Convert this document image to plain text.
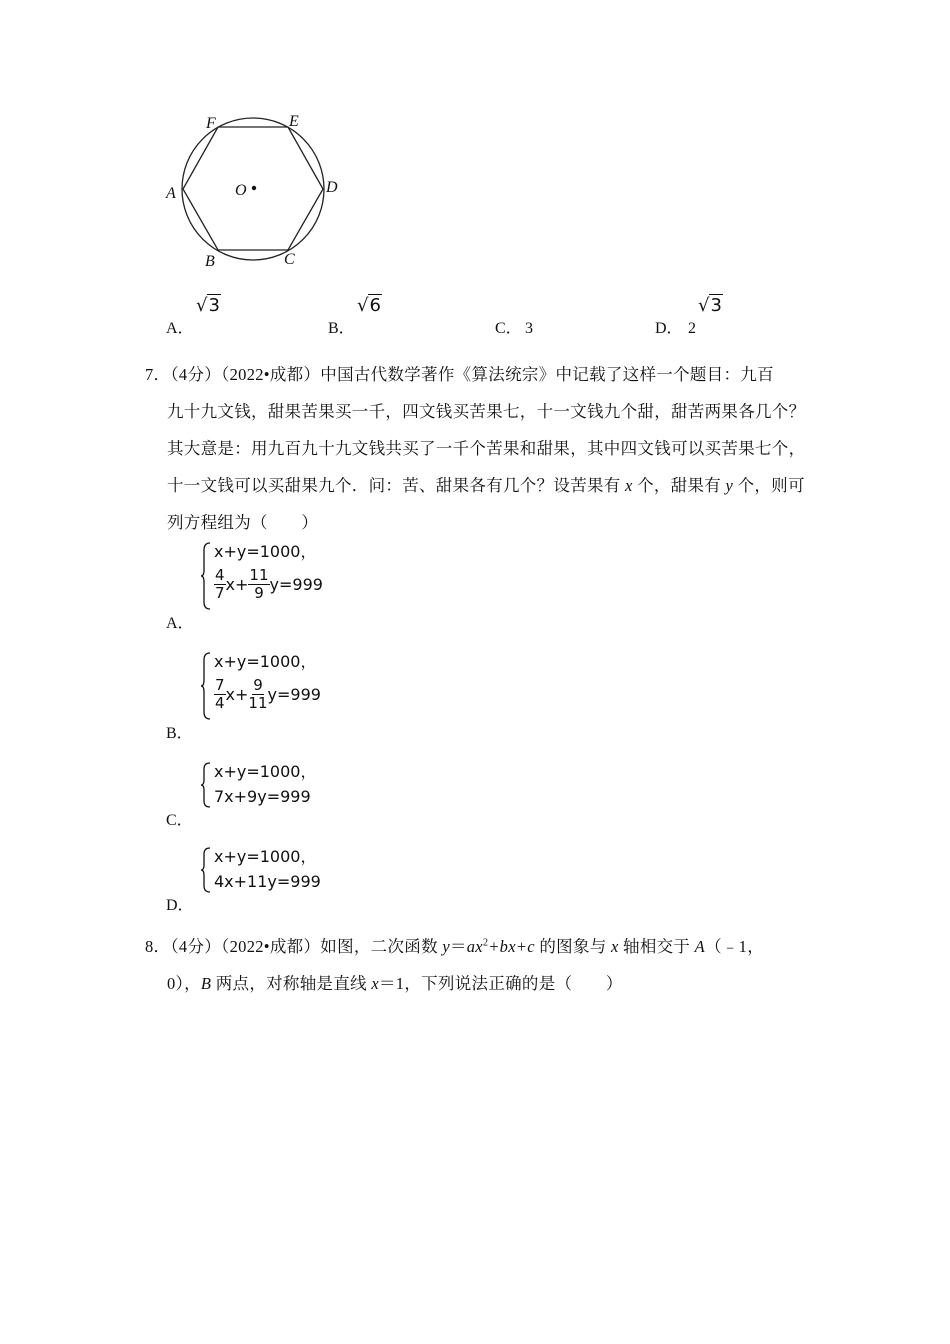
F	E
A	O	D
B	C
A．
√3
B．
√6
C． 3	D． 2
√3
7．（4分）（2022•成都）中国古代数学著作《算法统宗》中记载了这样一个题目：九百
九十九文钱，甜果苦果买一千，四文钱买苦果七，十一文钱九个甜，甜苦两果各几个？
其大意是：用九百九十九文钱共买了一千个苦果和甜果，其中四文钱可以买苦果七个，
十一文钱可以买甜果九个．问：苦、甜果各有几个？设苦果有 x 个，甜果有 y 个，则可
列方程组为（　　）
x+y=1000，
$\frac{4}{7} x+ \frac{11}{9} y=999$
A．
x+y=1000，
$\frac{7}{4} x+ \frac{9}{11} y=999$
B．
x+y=1000，
7x+9y=999
C．
x+y=1000，
4x+11y=999
D．
8．（4分）（2022•成都）如图，二次函数 $y=ax^2+bx+c$ 的图象与 x 轴相交于 A（﹣1，
0），B 两点，对称轴是直线 x＝1，下列说法正确的是（　　）
